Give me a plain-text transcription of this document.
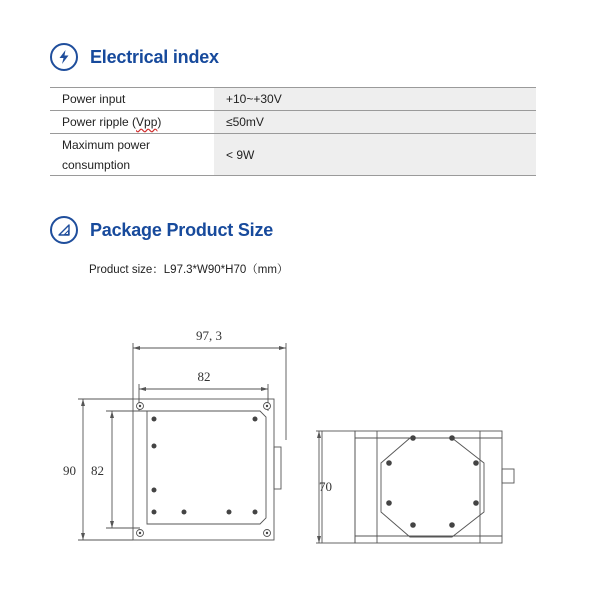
Electrical index
Power input	+10~+30V
Power ripple (Vpp)	≤50mV

Maximum power
consumption	< 9W
Package Product Size
Product size：L97.3*W90*H70（mm）
97, 3
82
90 82
70
